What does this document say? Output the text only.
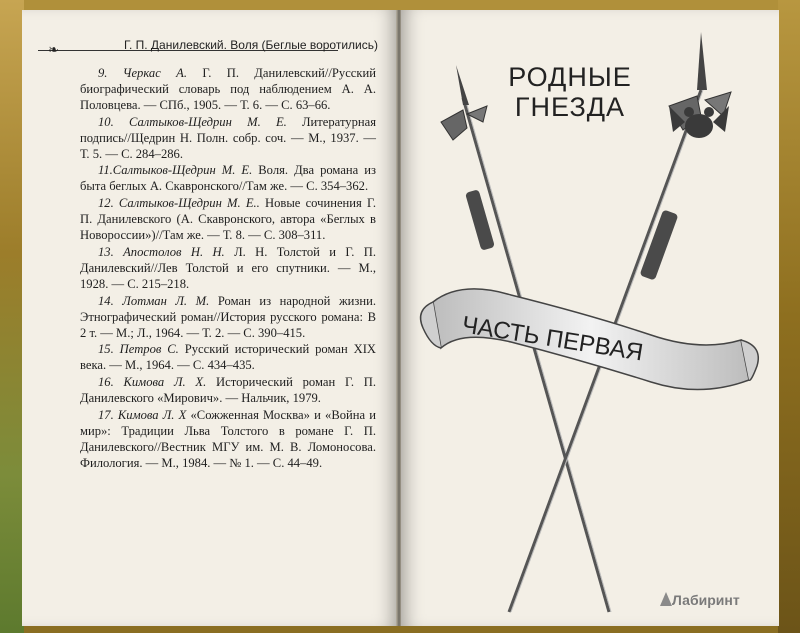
❧	Г. П. Данилевский. Воля (Беглые воротились)

9. Черкас А. Г. П. Данилевский//Русский биографический словарь под наблюдением А. А. Половцева. — СПб., 1905. — Т. 6. — С. 63–66.

10. Салтыков-Щедрин М. Е. Литературная подпись//Щедрин Н. Полн. собр. соч. — М., 1937. — Т. 5. — С. 284–286.

11.Салтыков-Щедрин М. Е. Воля. Два романа из быта беглых А. Скавронского//Там же. — С. 354–362.

12. Салтыков-Щедрин М. Е.. Новые сочинения Г. П. Данилевского (А. Скавронского, автора «Беглых в Новороссии»)//Там же. — Т. 8. — С. 308–311.

13. Апостолов Н. Н. Л. Н. Толстой и Г. П. Данилевский//Лев Толстой и его спутники. — М., 1928. — С. 215–218.

14. Лотман Л. М. Роман из народной жизни. Этнографический роман//История русского романа: В 2 т. — М.; Л., 1964. — Т. 2. — С. 390–415.

15. Петров С. Русский исторический роман XIX века. — М., 1964. — С. 434–435.

16. Кимова Л. Х. Исторический роман Г. П. Данилевского «Мирович». — Нальчик, 1979.

17. Кимова Л. Х «Сожженная Москва» и «Война и мир»: Традиции Льва Толстого в романе Г. П. Данилевского//Вестник МГУ им. М. В. Ломоносова. Филология. — М., 1984. — № 1. — С. 44–49.

ЧАСТЬ ПЕРВАЯ
РОДНЫЕ
ГНЕЗДА
Лабиринт
